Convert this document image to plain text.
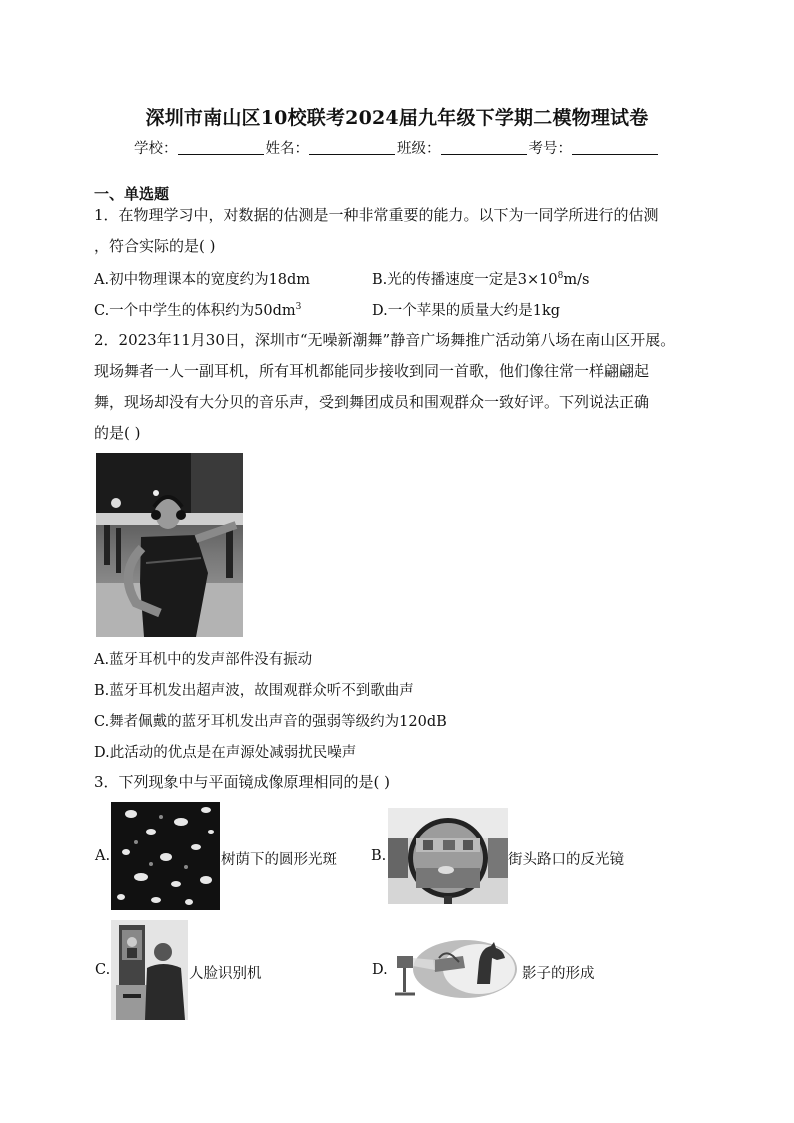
深圳市南山区10校联考2024届九年级下学期二模物理试卷
学校：	姓名：	班级：	考号：
一、单选题
1．在物理学习中，对数据的估测是一种非常重要的能力。以下为一同学所进行的估测
，符合实际的是( )
A.初中物理课本的宽度约为18dm	B.光的传播速度一定是$3\times 10^8m/s$
C.一个中学生的体积约为$50dm^3$	D.一个苹果的质量大约是1kg
2．2023年11月30日，深圳市“无噪新潮舞”静音广场舞推广活动第八场在南山区开展。
现场舞者一人一副耳机，所有耳机都能同步接收到同一首歌，他们像往常一样翩翩起
舞，现场却没有大分贝的音乐声，受到舞团成员和围观群众一致好评。下列说法正确
的是( )
A.蓝牙耳机中的发声部件没有振动
B.蓝牙耳机发出超声波，故围观群众听不到歌曲声
C.舞者佩戴的蓝牙耳机发出声音的强弱等级约为120dB
D.此活动的优点是在声源处减弱扰民噪声
3．下列现象中与平面镜成像原理相同的是( )
A.	树荫下的圆形光斑 B.	街头路口的反光镜
C.	人脸识别机	D.	影子的形成
